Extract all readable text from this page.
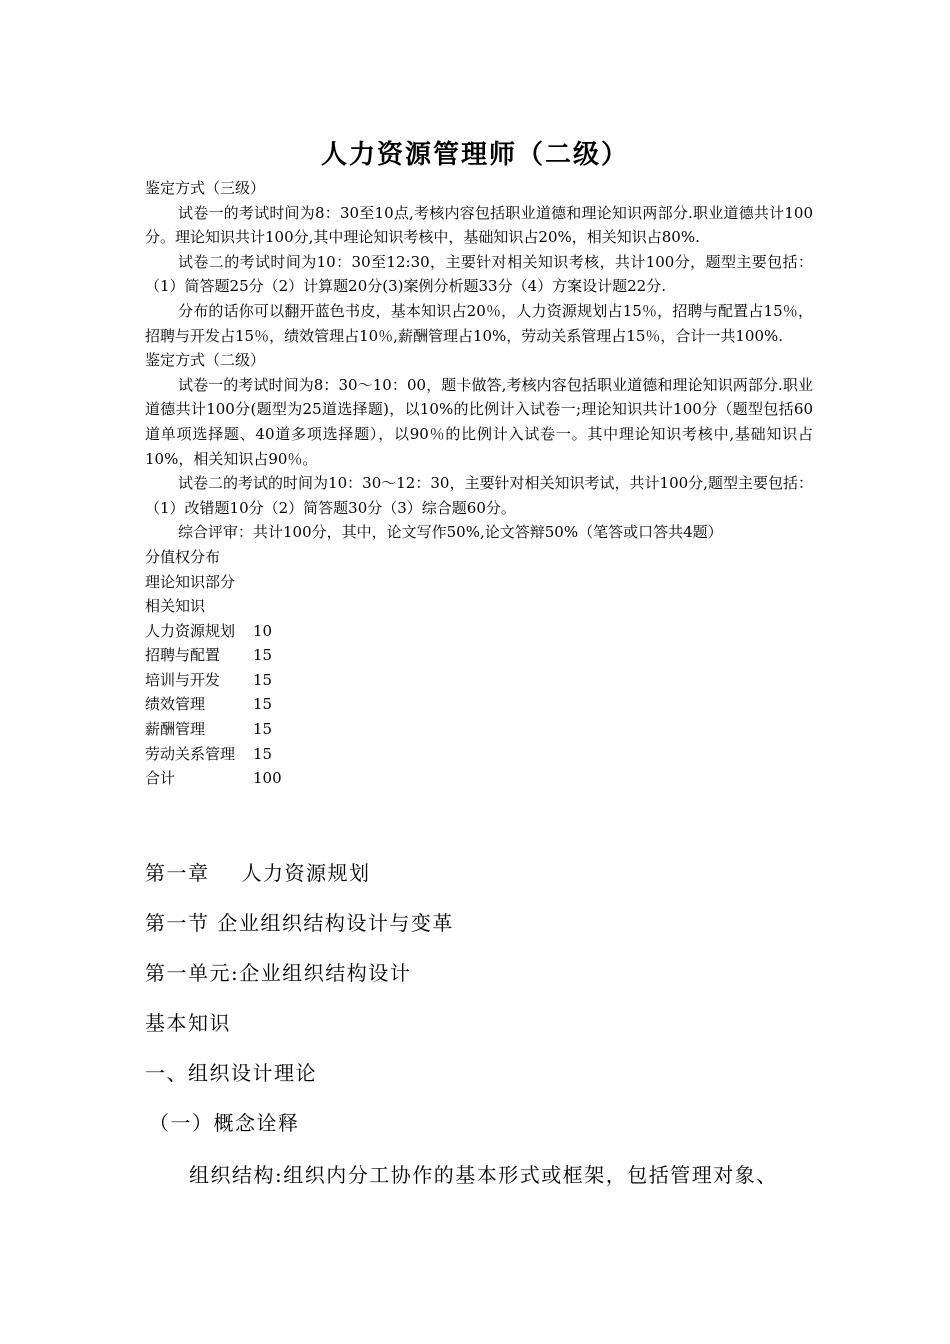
人力资源管理师（二级）

鉴定方式（三级）

试卷一的考试时间为8：30至10点,考核内容包括职业道德和理论知识两部分.职业道德共计100分。理论知识共计100分,其中理论知识考核中，基础知识占20%，相关知识占80%.

试卷二的考试时间为10：30至12:30，主要针对相关知识考核，共计100分，题型主要包括：（1）简答题25分（2）计算题20分(3)案例分析题33分（4）方案设计题22分.

分布的话你可以翻开蓝色书皮，基本知识占20％，人力资源规划占15％，招聘与配置占15％，招聘与开发占15％，绩效管理占10％,薪酬管理占10%，劳动关系管理占15％，合计一共100%.

鉴定方式（二级）

试卷一的考试时间为8：30～10：00，题卡做答,考核内容包括职业道德和理论知识两部分.职业道德共计100分(题型为25道选择题)，以10%的比例计入试卷一;理论知识共计100分（题型包括60道单项选择题、40道多项选择题），以90％的比例计入试卷一。其中理论知识考核中,基础知识占10%，相关知识占90％。

试卷二的考试的时间为10：30～12：30，主要针对相关知识考试，共计100分,题型主要包括：（1）改错题10分（2）简答题30分（3）综合题60分。

综合评审：共计100分，其中，论文写作50%,论文答辩50%（笔答或口答共4题）

分值权分布

理论知识部分

相关知识

人力资源规划	10
招聘与配置	15
培训与开发	15
绩效管理	15
薪酬管理	15
劳动关系管理	15
合计	100

第一章 人力资源规划

第一节 企业组织结构设计与变革

第一单元:企业组织结构设计

基本知识

一、组织设计理论

（一）概念诠释

组织结构:组织内分工协作的基本形式或框架，包括管理对象、
